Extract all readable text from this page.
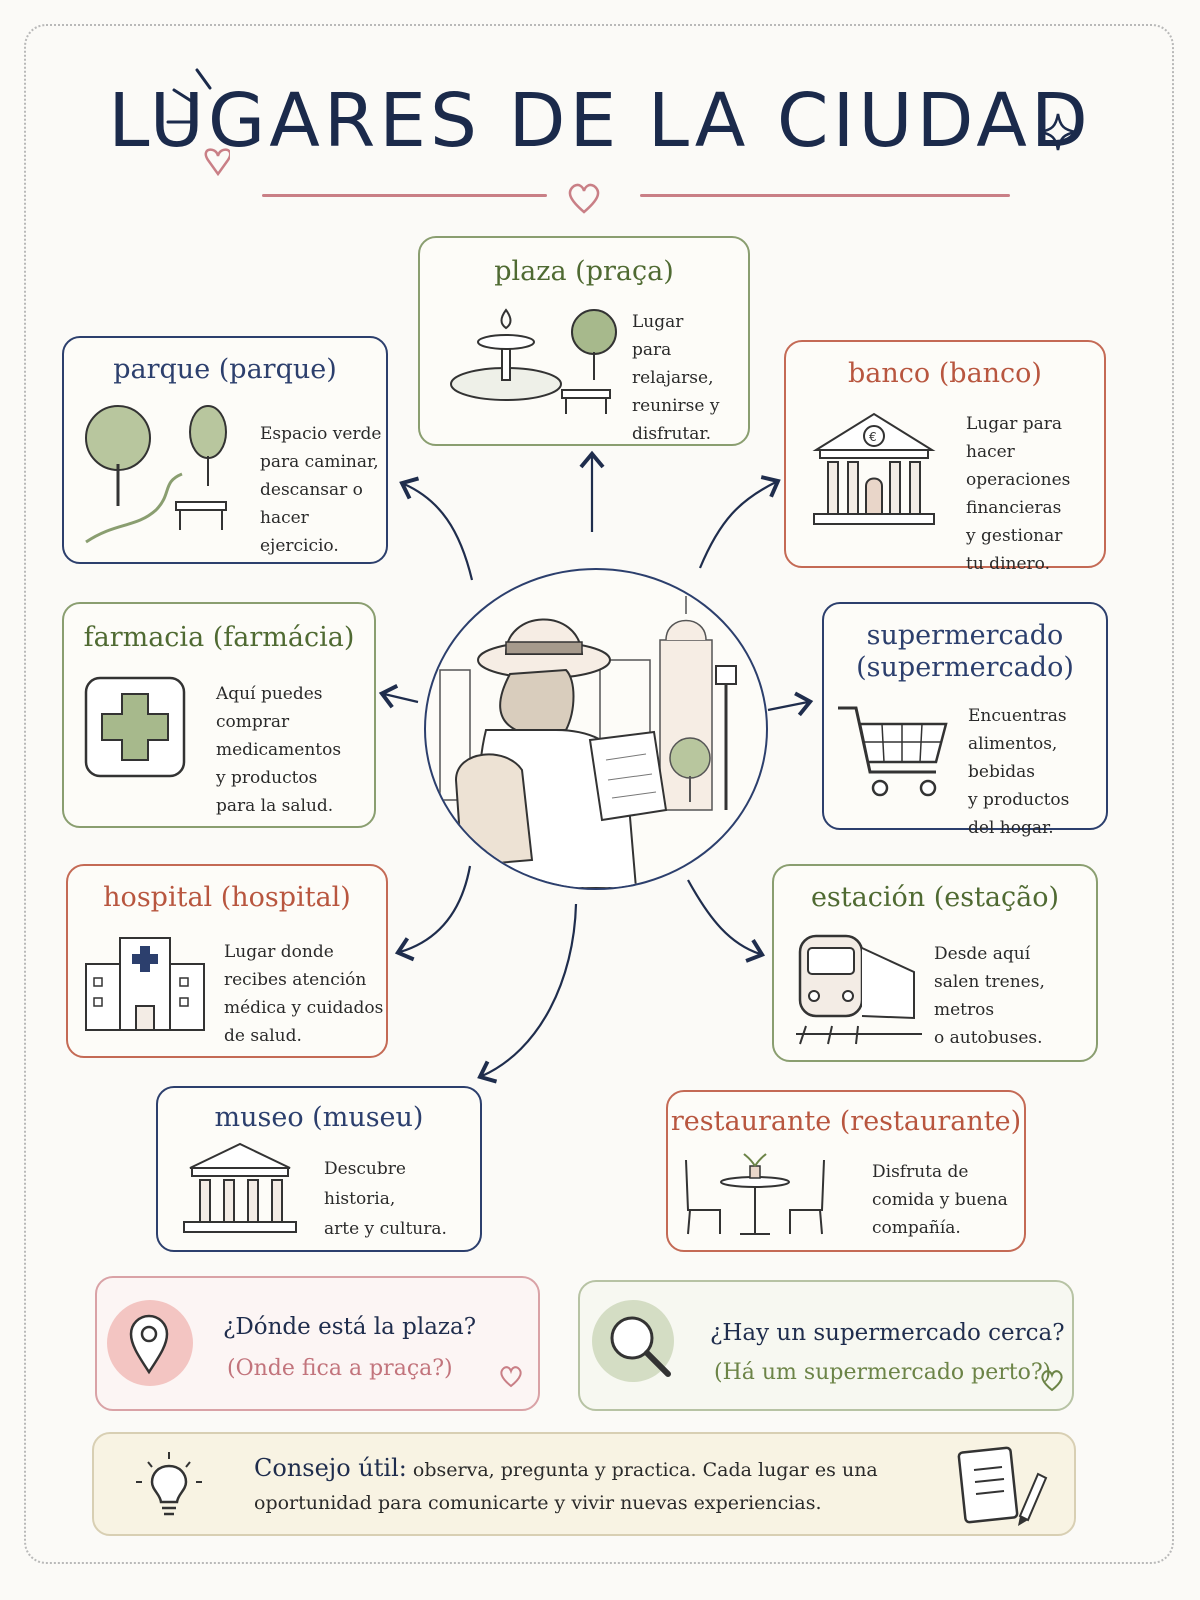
LUGARES DE LA CIUDAD
plaza (praça)
Lugar
para relajarse,
reunirse y
disfrutar.
parque (parque)
Espacio verde
para caminar,
descansar o
hacer ejercicio.
banco (banco)
€
Lugar para hacer
operaciones
financieras
y gestionar
tu dinero.
farmacia (farmácia)
Aquí puedes
comprar
medicamentos
y productos
para la salud.
supermercado
(supermercado)
Encuentras
alimentos, bebidas
y productos
del hogar.
hospital (hospital)
Lugar donde
recibes atención
médica y cuidados
de salud.
estación (estação)
Desde aquí
salen trenes,
metros
o autobuses.
museo (museu)
Descubre historia,
arte y cultura.
restaurante (restaurante)
Disfruta de
comida y buena
compañía.
¿Dónde está la plaza?
(Onde fica a praça?)
¿Hay un supermercado cerca?
(Há um supermercado perto?)
Consejo útil: observa, pregunta y practica. Cada lugar es una oportunidad para comunicarte y vivir nuevas experiencias.
